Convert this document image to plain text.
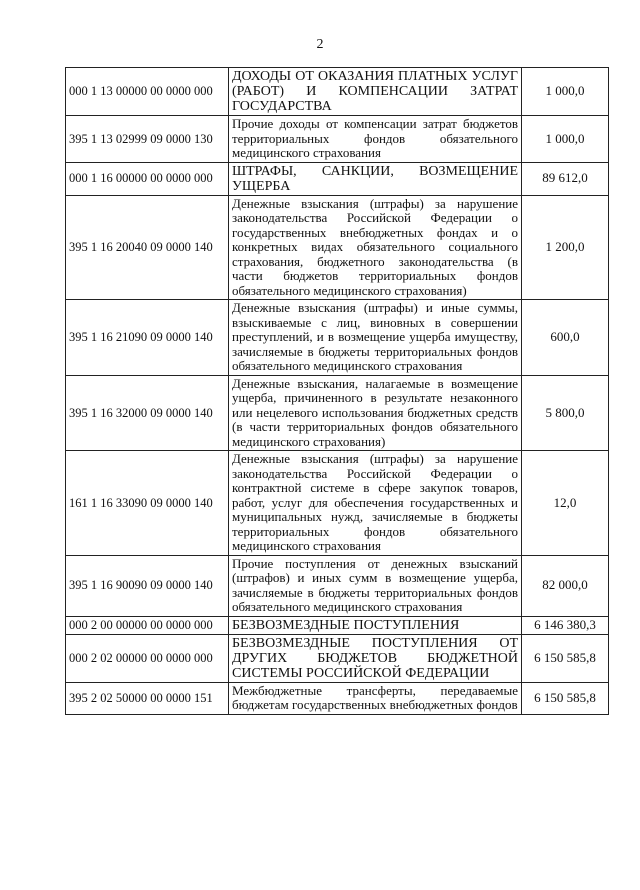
2
000 1 13 00000 00 0000 000	ДОХОДЫ ОТ ОКАЗАНИЯ ПЛАТНЫХ УСЛУГ (РАБОТ) И КОМПЕНСАЦИИ ЗАТРАТ ГОСУДАРСТВА	1 000,0
395 1 13 02999 09 0000 130	Прочие доходы от компенсации затрат бюджетов территориальных фондов обязательного медицинского страхования	1 000,0
000 1 16 00000 00 0000 000	ШТРАФЫ, САНКЦИИ, ВОЗМЕЩЕНИЕ УЩЕРБА	89 612,0
395 1 16 20040 09 0000 140	Денежные взыскания (штрафы) за нарушение законодательства Российской Федерации о государственных внебюджетных фондах и о конкретных видах обязательного социального страхования, бюджетного законодательства (в части бюджетов территориальных фондов обязательного медицинского страхования)	1 200,0
395 1 16 21090 09 0000 140	Денежные взыскания (штрафы) и иные суммы, взыскиваемые с лиц, виновных в совершении преступлений, и в возмещение ущерба имуществу, зачисляемые в бюджеты территориальных фондов обязательного медицинского страхования	600,0
395 1 16 32000 09 0000 140	Денежные взыскания, налагаемые в возмещение ущерба, причиненного в результате незаконного или нецелевого использования бюджетных средств (в части территориальных фондов обязательного медицинского страхования)	5 800,0
161 1 16 33090 09 0000 140	Денежные взыскания (штрафы) за нарушение законодательства Российской Федерации о контрактной системе в сфере закупок товаров, работ, услуг для обеспечения государственных и муниципальных нужд, зачисляемые в бюджеты территориальных фондов обязательного медицинского страхования	12,0
395 1 16 90090 09 0000 140	Прочие поступления от денежных взысканий (штрафов) и иных сумм в возмещение ущерба, зачисляемые в бюджеты территориальных фондов обязательного медицинского страхования	82 000,0
000 2 00 00000 00 0000 000	БЕЗВОЗМЕЗДНЫЕ ПОСТУПЛЕНИЯ	6 146 380,3
000 2 02 00000 00 0000 000	БЕЗВОЗМЕЗДНЫЕ ПОСТУПЛЕНИЯ ОТ ДРУГИХ БЮДЖЕТОВ БЮДЖЕТНОЙ СИСТЕМЫ РОССИЙСКОЙ ФЕДЕРАЦИИ	6 150 585,8
395 2 02 50000 00 0000 151	Межбюджетные трансферты, передаваемые бюджетам государственных внебюджетных фондов	6 150 585,8
